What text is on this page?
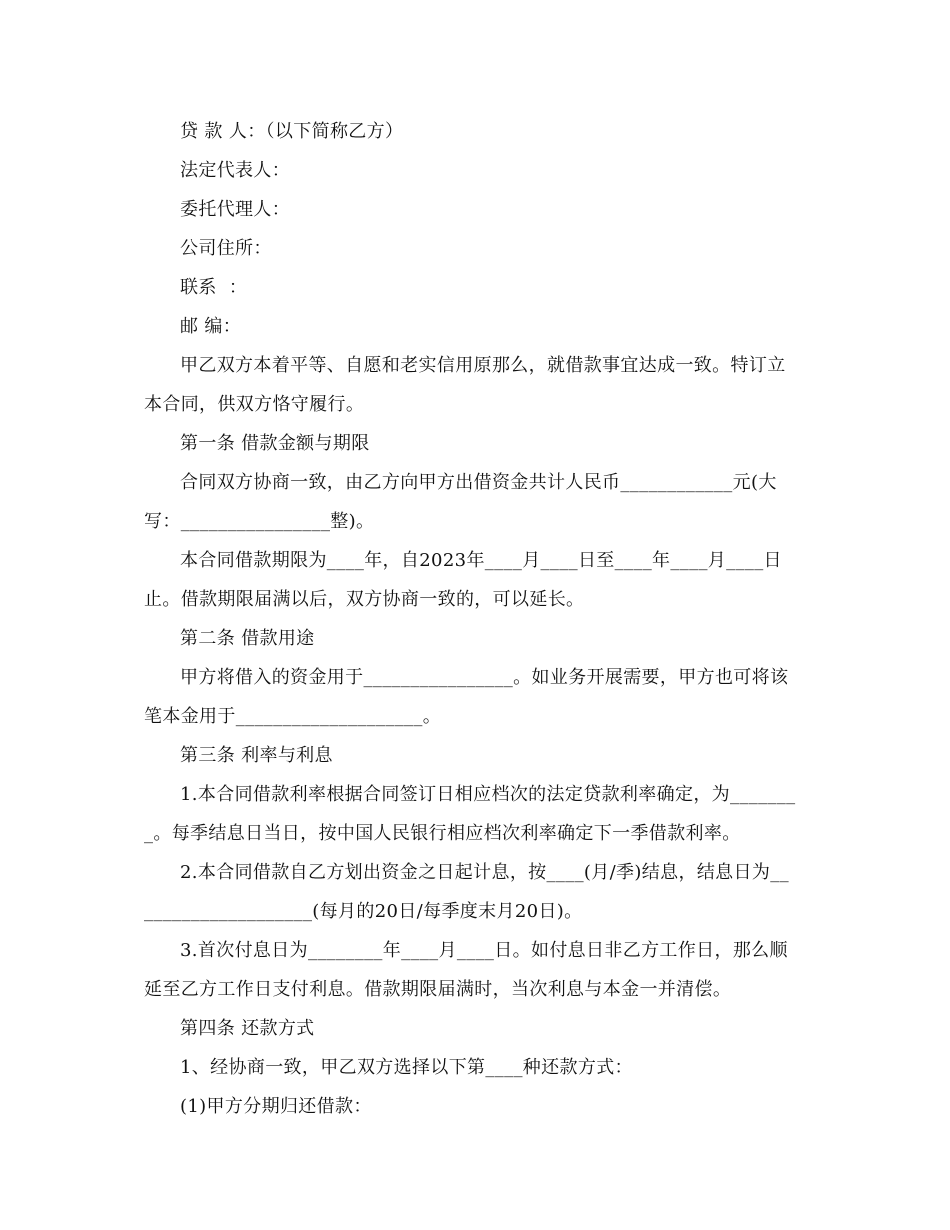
贷 款 人：（以下简称乙方）

法定代表人：

委托代理人：

公司住所：

联系  ：

邮 编：

甲乙双方本着平等、自愿和老实信用原那么，就借款事宜达成一致。特订立本合同，供双方恪守履行。

第一条 借款金额与期限

合同双方协商一致，由乙方向甲方出借资金共计人民币____________元(大写：________________整)。

本合同借款期限为____年，自2023年____月____日至____年____月____日止。借款期限届满以后，双方协商一致的，可以延长。

第二条 借款用途

甲方将借入的资金用于________________。如业务开展需要，甲方也可将该笔本金用于____________________。

第三条 利率与利息

1.本合同借款利率根据合同签订日相应档次的法定贷款利率确定，为________。每季结息日当日，按中国人民银行相应档次利率确定下一季借款利率。

2.本合同借款自乙方划出资金之日起计息，按____(月/季)结息，结息日为____________________(每月的20日/每季度末月20日)。

3.首次付息日为________年____月____日。如付息日非乙方工作日，那么顺延至乙方工作日支付利息。借款期限届满时，当次利息与本金一并清偿。

第四条 还款方式

1、经协商一致，甲乙双方选择以下第____种还款方式：

(1)甲方分期归还借款：
